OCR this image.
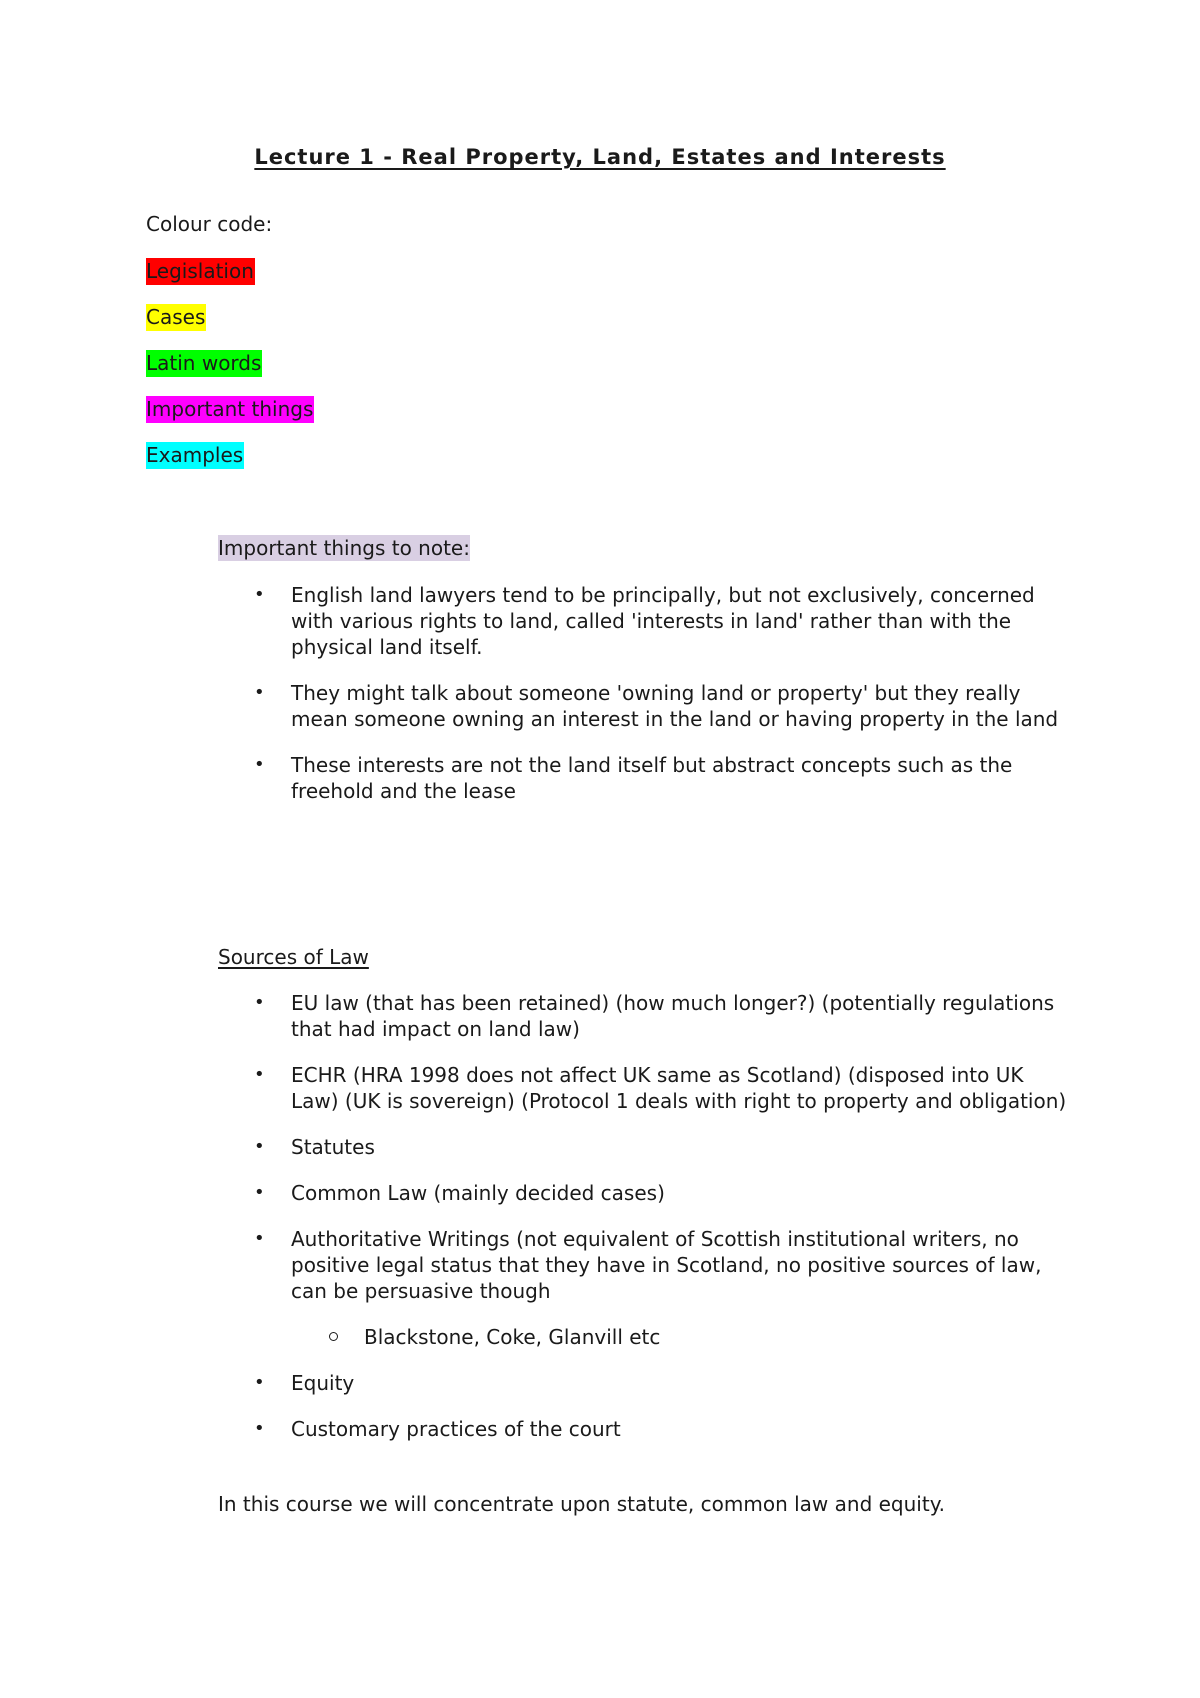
Lecture 1 - Real Property, Land, Estates and Interests
Colour code:
Legislation
Cases
Latin words
Important things
Examples
Important things to note:
• English land lawyers tend to be principally, but not exclusively, concerned with various rights to land, called 'interests in land' rather than with the physical land itself.
• They might talk about someone 'owning land or property' but they really mean someone owning an interest in the land or having property in the land
• These interests are not the land itself but abstract concepts such as the freehold and the lease
Sources of Law
• EU law (that has been retained) (how much longer?) (potentially regulations that had impact on land law)
• ECHR (HRA 1998 does not affect UK same as Scotland) (disposed into UK Law) (UK is sovereign) (Protocol 1 deals with right to property and obligation)
• Statutes
• Common Law (mainly decided cases)
• Authoritative Writings (not equivalent of Scottish institutional writers, no positive legal status that they have in Scotland, no positive sources of law, can be persuasive though
Blackstone, Coke, Glanvill etc
• Equity
• Customary practices of the court
In this course we will concentrate upon statute, common law and equity.
